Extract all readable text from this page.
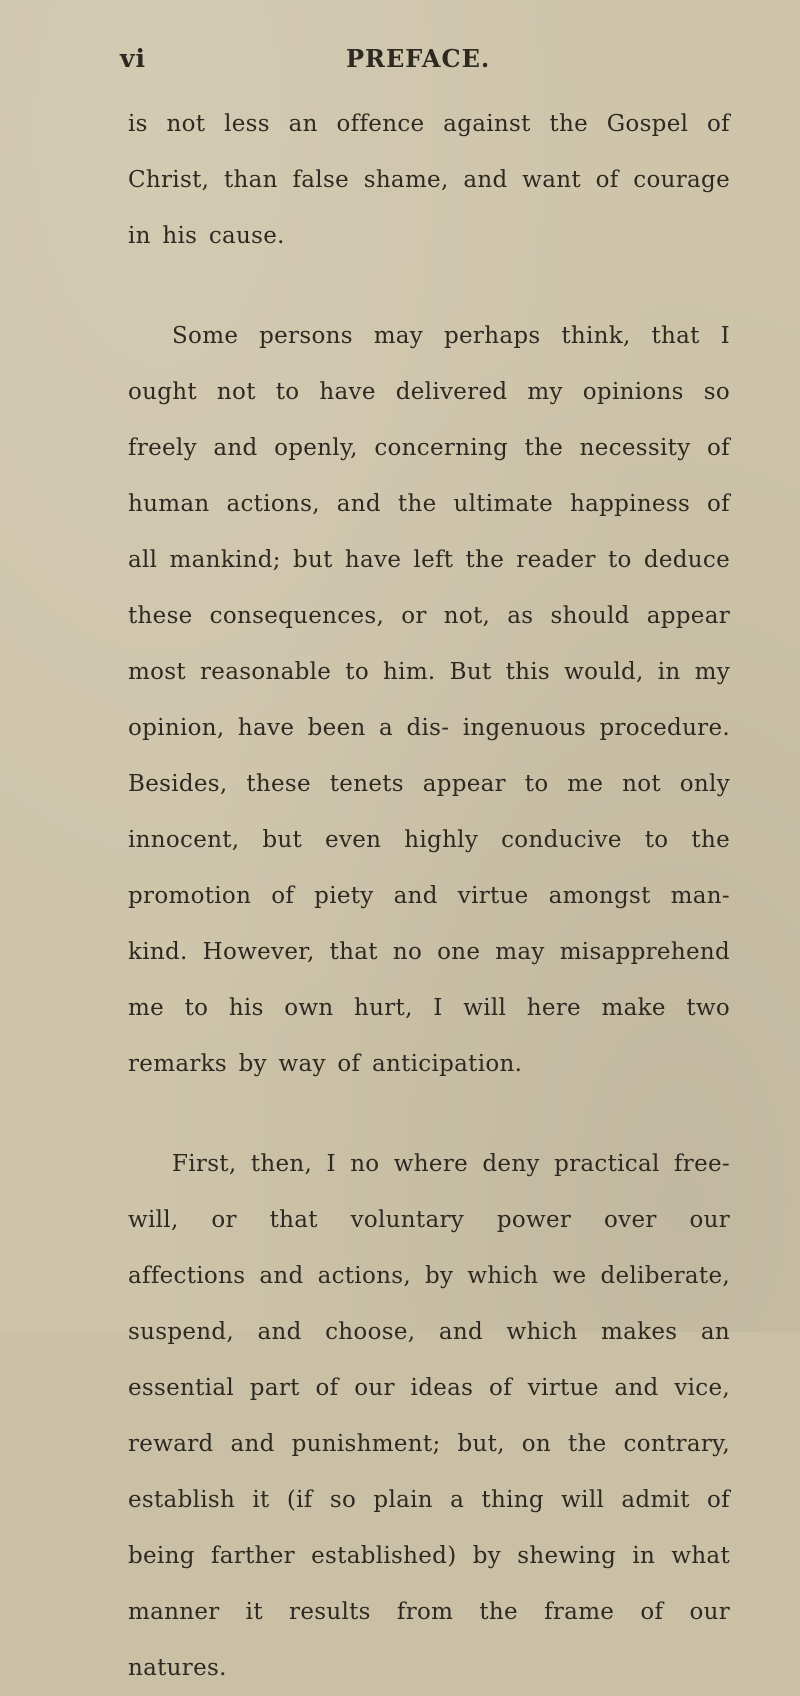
vi	PREFACE.

is not less an offence against the Gospel of Christ, than false shame, and want of courage in his cause.

Some persons may perhaps think, that I ought not to have delivered my opinions so freely and openly, concerning the necessity of human actions, and the ultimate happiness of all mankind; but have left the reader to deduce these consequences, or not, as should appear most reasonable to him. But this would, in my opinion, have been a dis- ingenuous procedure. Besides, these tenets appear to me not only innocent, but even highly conducive to the promotion of piety and virtue amongst man- kind. However, that no one may misapprehend me to his own hurt, I will here make two remarks by way of anticipation.

First, then, I no where deny practical free-will, or that voluntary power over our affections and actions, by which we deliberate, suspend, and choose, and which makes an essential part of our ideas of virtue and vice, reward and punishment; but, on the contrary, establish it (if so plain a thing will admit of being farther established) by shewing in what manner it results from the frame of our natures.
